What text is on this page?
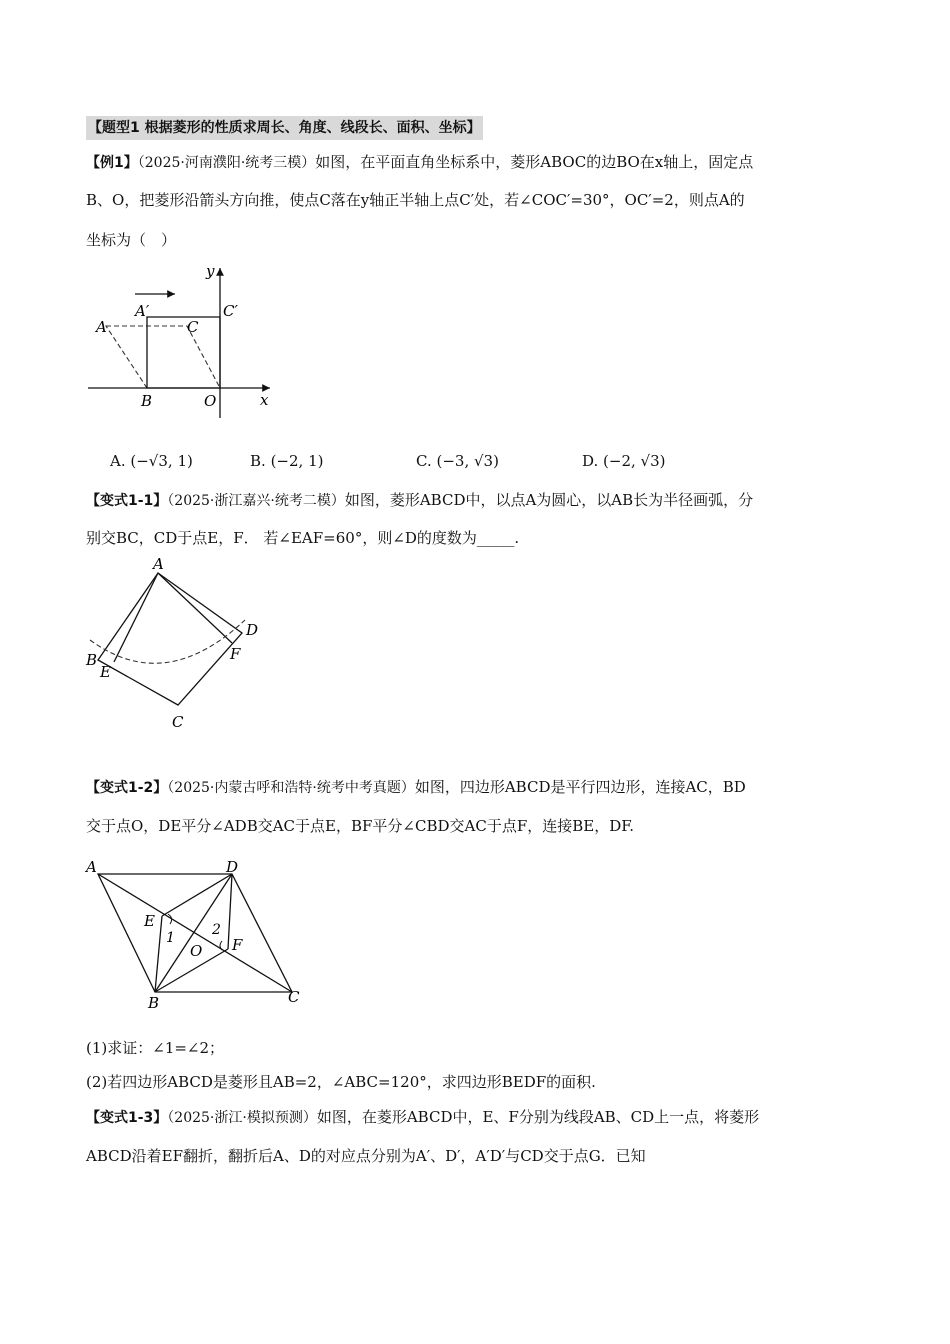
【题型1 根据菱形的性质求周长、角度、线段长、面积、坐标】
【例1】（2025·河南濮阳·统考三模）如图，在平面直角坐标系中，菱形ABOC的边BO在x轴上，固定点
B、O，把菱形沿箭头方向推，使点C落在y轴正半轴上点C′处，若∠COC′=30°，OC′=2，则点A的
坐标为（　）
y
x
A
A′
C
C′
B	O
A. (−√3, 1)	B. (−2, 1)	C. (−3, √3)	D. (−2, √3)
【变式1-1】（2025·浙江嘉兴·统考二模）如图，菱形ABCD中，以点A为圆心，以AB长为半径画弧，分
别交BC，CD于点E，F． 若∠EAF=60°，则∠D的度数为_____.
A
B
C
D
E
F
【变式1-2】（2025·内蒙古呼和浩特·统考中考真题）如图，四边形ABCD是平行四边形，连接AC，BD
交于点O，DE平分∠ADB交AC于点E，BF平分∠CBD交AC于点F，连接BE，DF.
A	D
B	C
E
F
O
1	2
(1)求证：∠1=∠2；
(2)若四边形ABCD是菱形且AB=2，∠ABC=120°，求四边形BEDF的面积.
【变式1-3】（2025·浙江·模拟预测）如图，在菱形ABCD中，E、F分别为线段AB、CD上一点，将菱形
ABCD沿着EF翻折，翻折后A、D的对应点分别为A′、D′，A′D′与CD交于点G．已知
